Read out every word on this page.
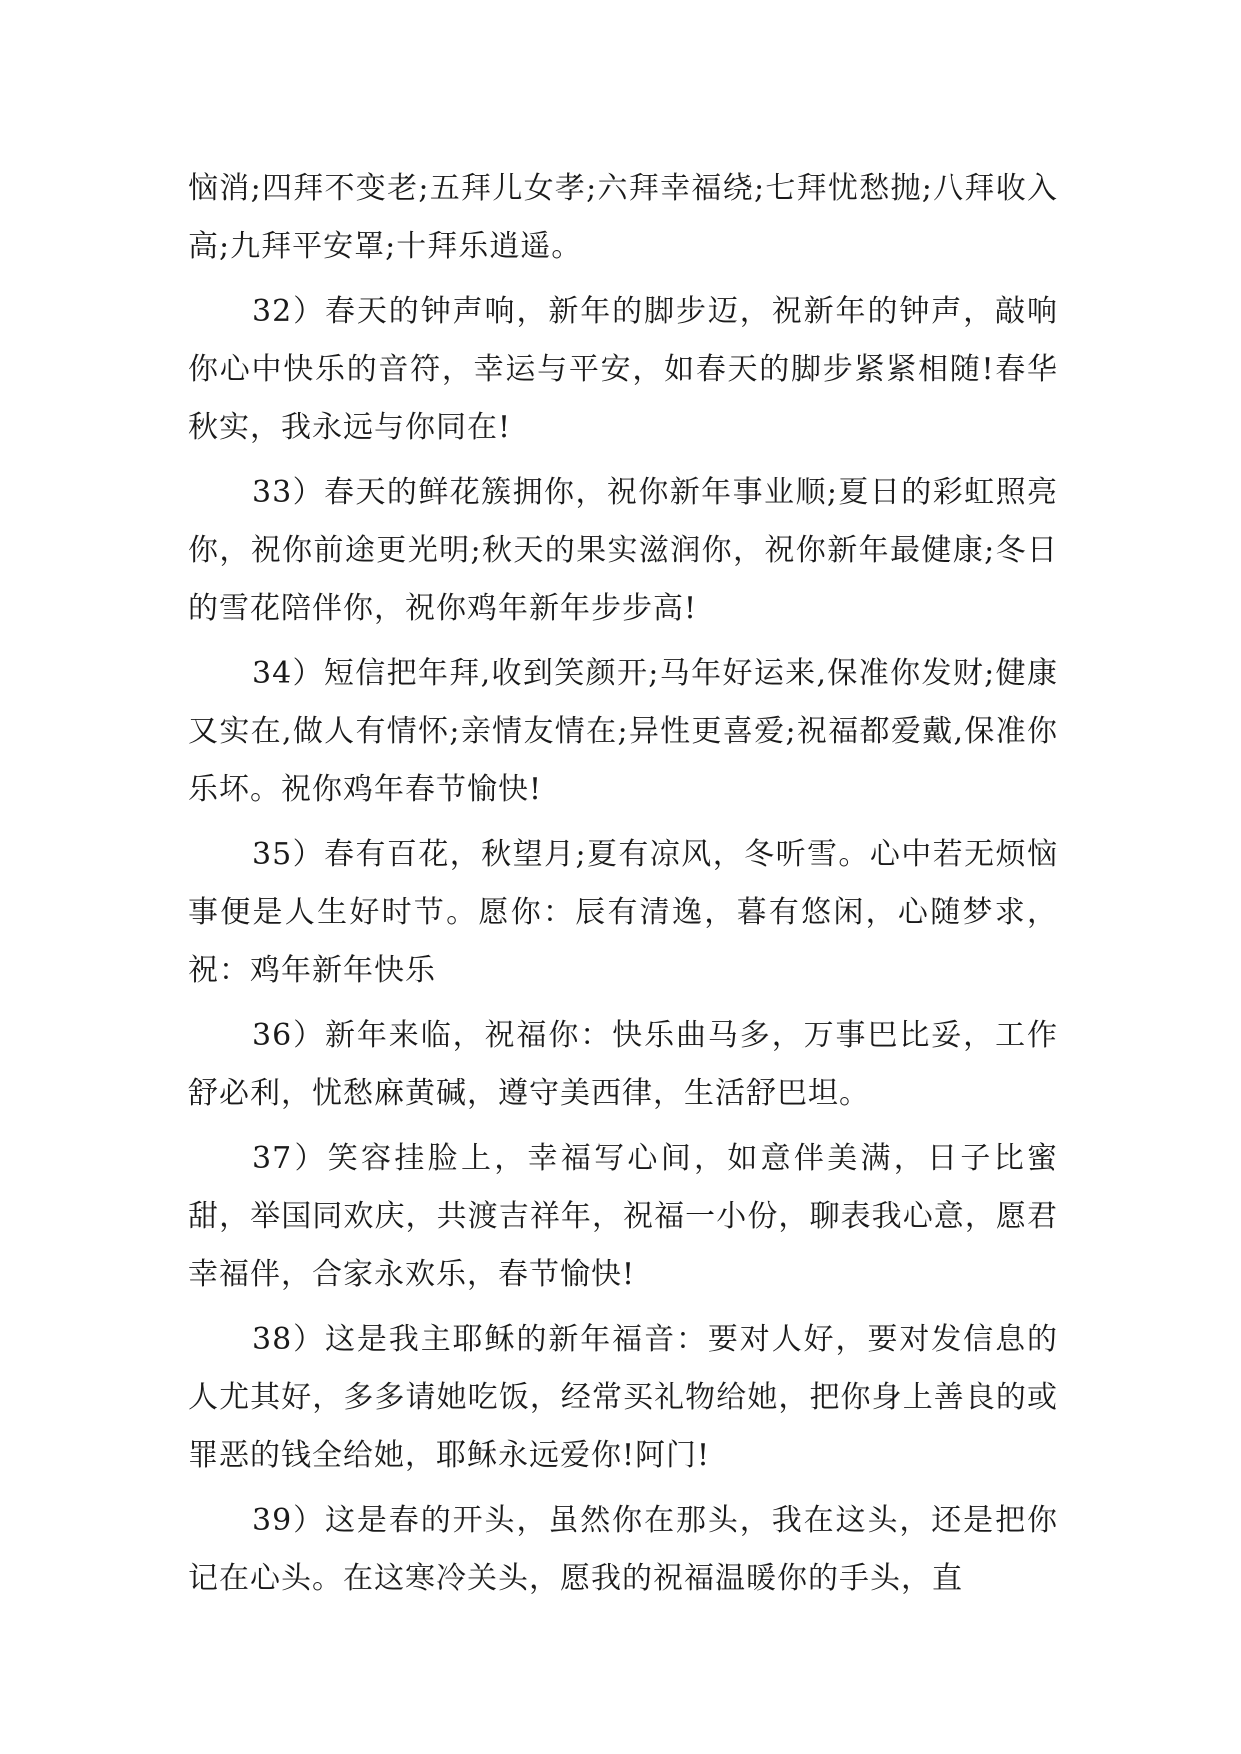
恼消;四拜不变老;五拜儿女孝;六拜幸福绕;七拜忧愁抛;八拜收入高;九拜平安罩;十拜乐逍遥。

32）春天的钟声响，新年的脚步迈，祝新年的钟声，敲响你心中快乐的音符，幸运与平安，如春天的脚步紧紧相随!春华秋实，我永远与你同在!

33）春天的鲜花簇拥你，祝你新年事业顺;夏日的彩虹照亮你，祝你前途更光明;秋天的果实滋润你，祝你新年最健康;冬日的雪花陪伴你，祝你鸡年新年步步高!

34）短信把年拜,收到笑颜开;马年好运来,保准你发财;健康又实在,做人有情怀;亲情友情在;异性更喜爱;祝福都爱戴,保准你乐坏。祝你鸡年春节愉快!

35）春有百花，秋望月;夏有凉风，冬听雪。心中若无烦恼事便是人生好时节。愿你：辰有清逸，暮有悠闲，心随梦求，祝：鸡年新年快乐

36）新年来临，祝福你：快乐曲马多，万事巴比妥，工作舒必利，忧愁麻黄碱，遵守美西律，生活舒巴坦。

37）笑容挂脸上，幸福写心间，如意伴美满，日子比蜜甜，举国同欢庆，共渡吉祥年，祝福一小份，聊表我心意，愿君幸福伴，合家永欢乐，春节愉快!

38）这是我主耶稣的新年福音：要对人好，要对发信息的人尤其好，多多请她吃饭，经常买礼物给她，把你身上善良的或罪恶的钱全给她，耶稣永远爱你!阿门!

39）这是春的开头，虽然你在那头，我在这头，还是把你记在心头。在这寒冷关头，愿我的祝福温暖你的手头，直
